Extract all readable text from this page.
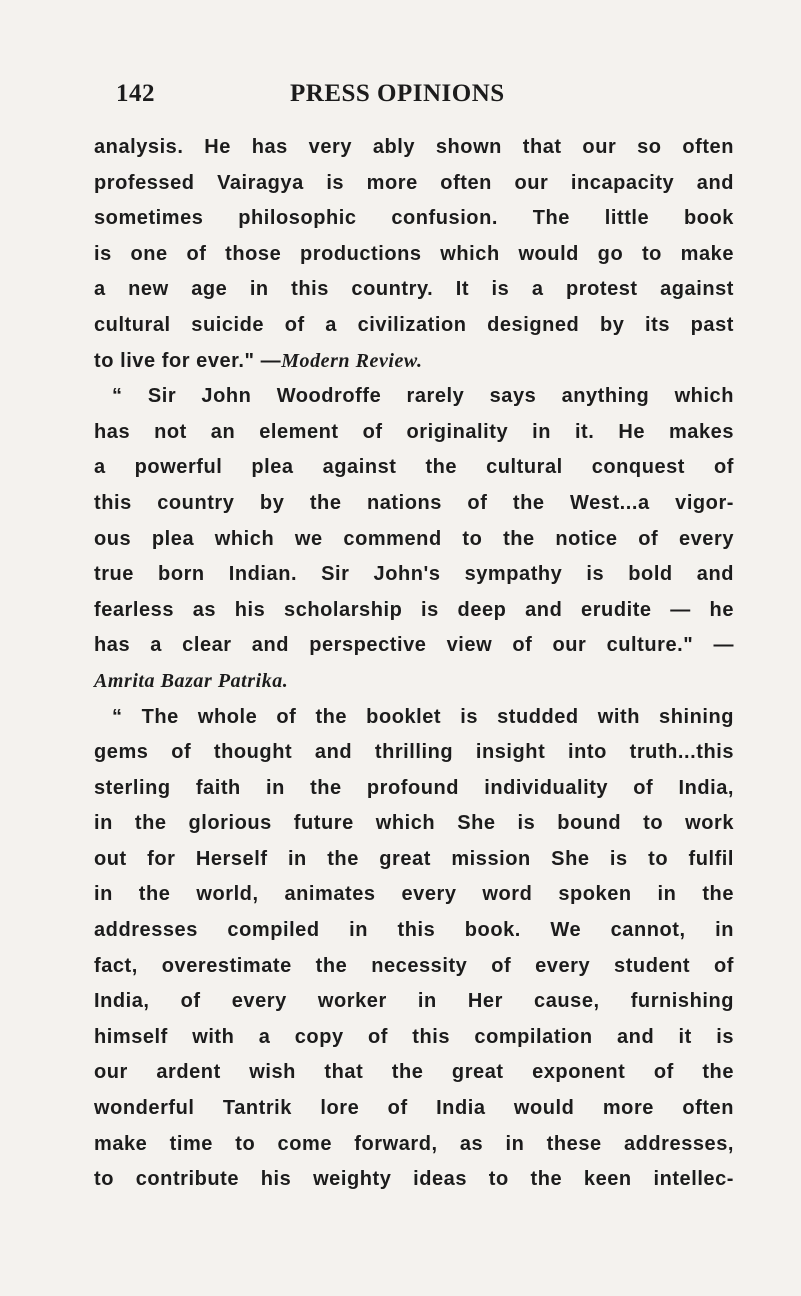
142	PRESS OPINIONS
analysis. He has very ably shown that our so often
professed Vairagya is more often our incapacity and
sometimes philosophic confusion. The little book
is one of those productions which would go to make
a new age in this country. It is a protest against
cultural suicide of a civilization designed by its past
to live for ever." —Modern Review.
“ Sir John Woodroffe rarely says anything which
has not an element of originality in it. He makes
a powerful plea against the cultural conquest of
this country by the nations of the West...a vigor-
ous plea which we commend to the notice of every
true born Indian. Sir John's sympathy is bold and
fearless as his scholarship is deep and erudite — he
has a clear and perspective view of our culture." —
Amrita Bazar Patrika.
“ The whole of the booklet is studded with shining
gems of thought and thrilling insight into truth...this
sterling faith in the profound individuality of India,
in the glorious future which She is bound to work
out for Herself in the great mission She is to fulfil
in the world, animates every word spoken in the
addresses compiled in this book. We cannot, in
fact, overestimate the necessity of every student of
India, of every worker in Her cause, furnishing
himself with a copy of this compilation and it is
our ardent wish that the great exponent of the
wonderful Tantrik lore of India would more often
make time to come forward, as in these addresses,
to contribute his weighty ideas to the keen intellec-
